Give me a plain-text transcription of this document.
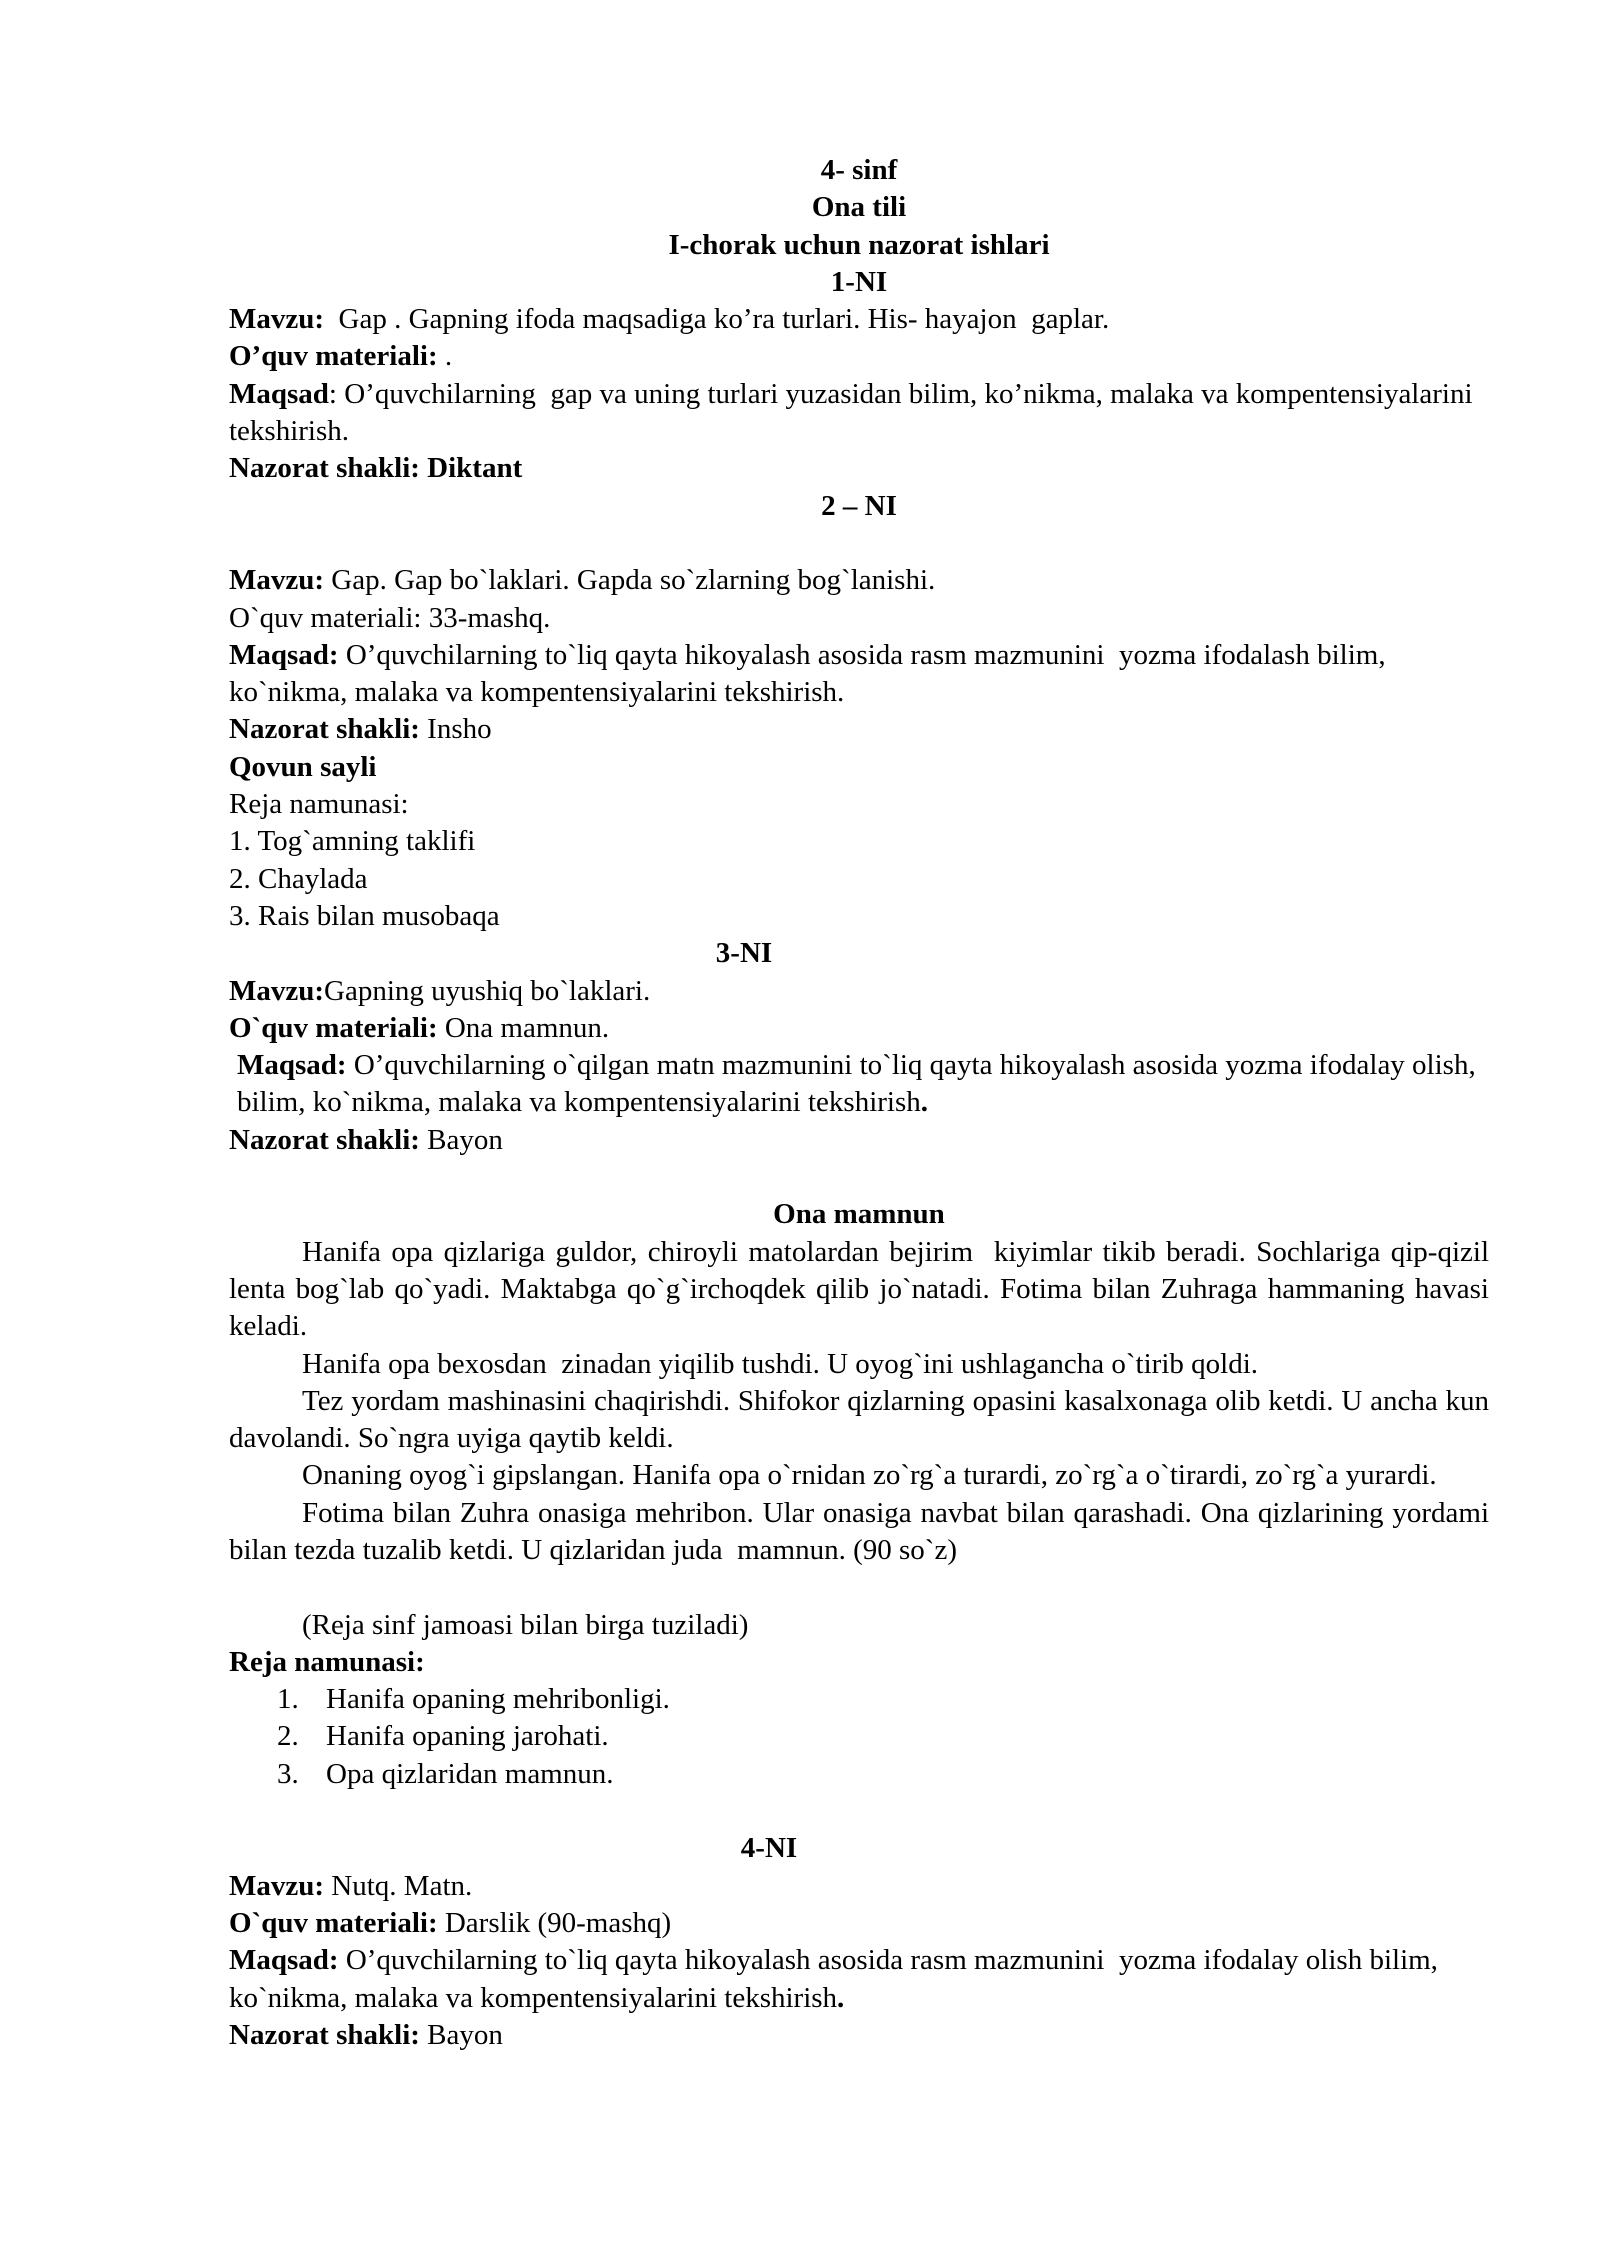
4- sinf
Ona tili
I-chorak uchun nazorat ishlari
1-NI
Mavzu:  Gap . Gapning ifoda maqsadiga ko’ra turlari. His- hayajon  gaplar.
O’quv materiali: .
Maqsad: O’quvchilarning  gap va uning turlari yuzasidan bilim, ko’nikma, malaka va kompentensiyalarini tekshirish.
Nazorat shakli: Diktant
2 – NI
Mavzu: Gap. Gap bo`laklari. Gapda so`zlarning bog`lanishi.
O`quv materiali: 33-mashq.
Maqsad: O’quvchilarning to`liq qayta hikoyalash asosida rasm mazmunini  yozma ifodalash bilim,  ko`nikma, malaka va kompentensiyalarini tekshirish.
Nazorat shakli: Insho
Qovun sayli
Reja namunasi:
1. Tog`amning taklifi
2. Chaylada
3. Rais bilan musobaqa
3-NI
Mavzu:Gapning uyushiq bo`laklari.
O`quv materiali: Ona mamnun.
Maqsad: O’quvchilarning o`qilgan matn mazmunini to`liq qayta hikoyalash asosida yozma ifodalay olish, bilim, ko`nikma, malaka va kompentensiyalarini tekshirish.
Nazorat shakli: Bayon
Ona mamnun
Hanifa opa qizlariga guldor, chiroyli matolardan bejirim  kiyimlar tikib beradi. Sochlariga qip-qizil lenta bog`lab qo`yadi. Maktabga qo`g`irchoqdek qilib jo`natadi. Fotima bilan Zuhraga hammaning havasi keladi.
Hanifa opa bexosdan  zinadan yiqilib tushdi. U oyog`ini ushlaganchа o`tirib qoldi.
Tez yordam mashinasini chaqirishdi. Shifokor qizlarning opasini kasalxonaga olib ketdi. U ancha kun davolandi. So`ngra uyiga qaytib keldi.
Onaning oyog`i gipslangan. Hanifa opa o`rnidan zo`rg`a turardi, zo`rg`a o`tirardi, zo`rg`a yurardi.
Fotima bilan Zuhra onasiga mehribon. Ular onasiga navbat bilan qarashadi. Ona qizlarining yordami bilan tezda tuzalib ketdi. U qizlaridan juda  mamnun. (90 so`z)
(Reja sinf jamoasi bilan birga tuziladi)
Reja namunasi:
1. Hanifa opaning mehribonligi.
2. Hanifa opaning jarohati.
3. Opa qizlaridan mamnun.
4-NI
Mavzu: Nutq. Matn.
O`quv materiali: Darslik (90-mashq)
Maqsad: O’quvchilarning to`liq qayta hikoyalash asosida rasm mazmunini  yozma ifodalay olish bilim,  ko`nikma, malaka va kompentensiyalarini tekshirish.
Nazorat shakli: Bayon
